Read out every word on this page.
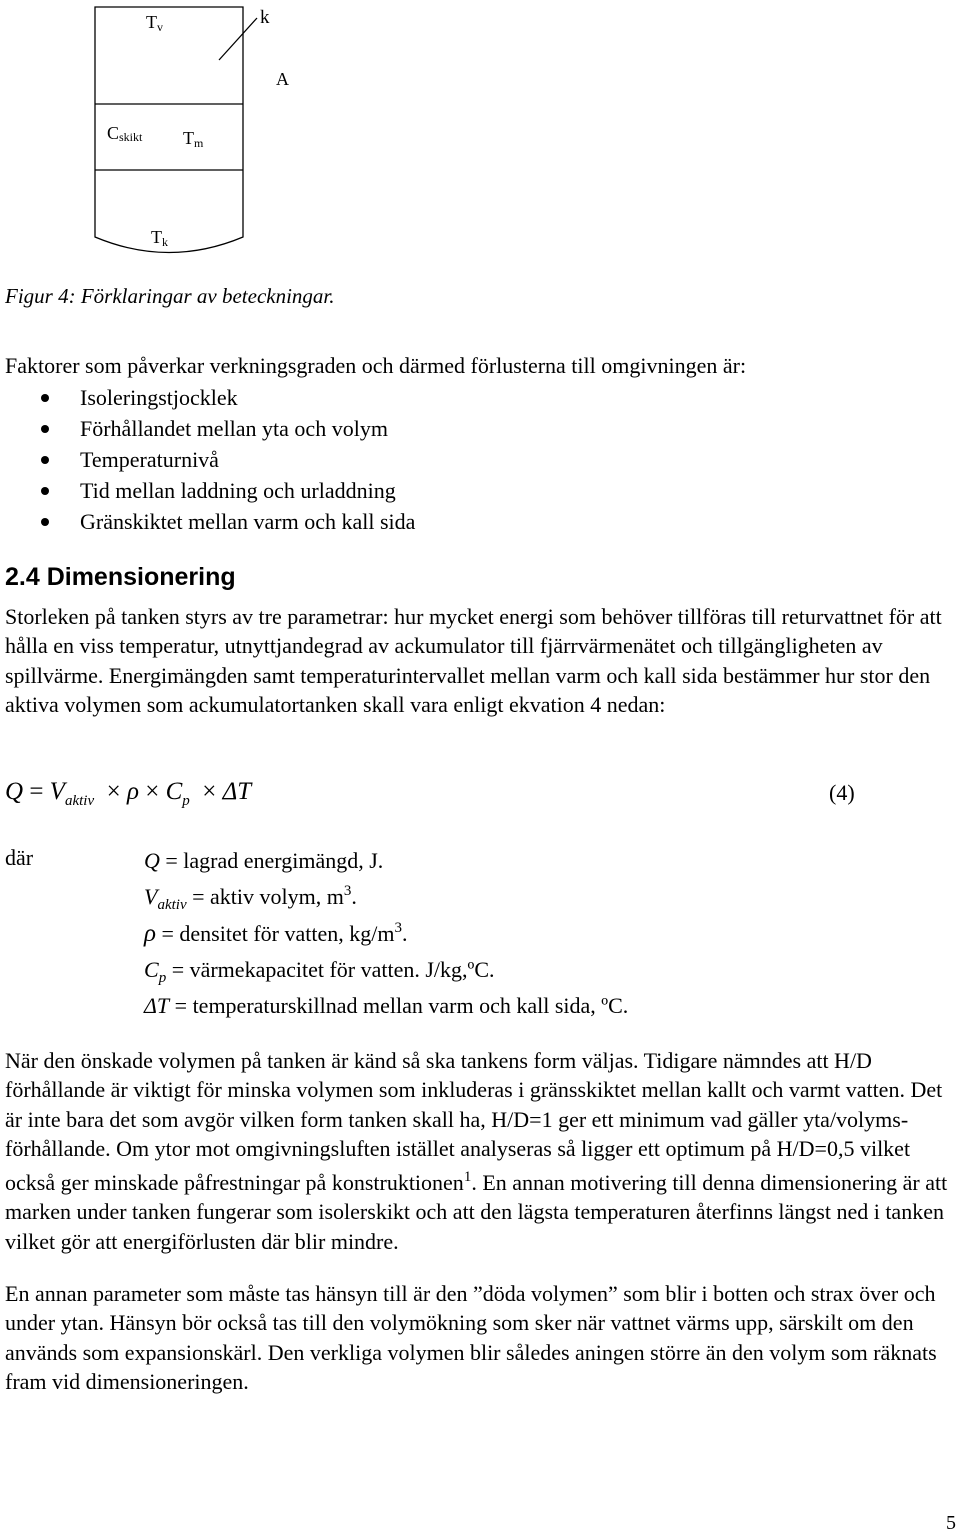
Tv	k
A
Cskikt Tm
Tk
Figur 4: Förklaringar av beteckningar.
Faktorer som påverkar verkningsgraden och därmed förlusterna till omgivningen är:
Isoleringstjocklek
Förhållandet mellan yta och volym
Temperaturnivå
Tid mellan laddning och urladdning
Gränskiktet mellan varm och kall sida
2.4 Dimensionering
Storleken på tanken styrs av tre parametrar: hur mycket energi som behöver tillföras till returvattnet för att hålla en viss temperatur, utnyttjandegrad av ackumulator till fjärrvärmenätet och tillgängligheten av spillvärme. Energimängden samt temperaturintervallet mellan varm och kall sida bestämmer hur stor den aktiva volymen som ackumulatortanken skall vara enligt ekvation 4 nedan:
$Q = V_{aktiv} \times \rho \times C_p \times \Delta T$	(4)
där	Q = lagrad energimängd, J.
$V_{aktiv}$ = aktiv volym, $m^3$.
ρ = densitet för vatten, $kg/m^3$.
$C_p$ = värmekapacitet för vatten. J/kg,ºC.
ΔT = temperaturskillnad mellan varm och kall sida, ºC.
När den önskade volymen på tanken är känd så ska tankens form väljas. Tidigare nämndes att H/D förhållande är viktigt för minska volymen som inkluderas i gränsskiktet mellan kallt och varmt vatten. Det är inte bara det som avgör vilken form tanken skall ha, H/D=1 ger ett minimum vad gäller yta/volyms-förhållande. Om ytor mot omgivningsluften istället analyseras så ligger ett optimum på H/D=0,5 vilket också ger minskade påfrestningar på konstruktionen$^1$. En annan motivering till denna dimensionering är att marken under tanken fungerar som isolerskikt och att den lägsta temperaturen återfinns längst ned i tanken vilket gör att energiförlusten där blir mindre.
En annan parameter som måste tas hänsyn till är den ”döda volymen” som blir i botten och strax över och under ytan. Hänsyn bör också tas till den volymökning som sker när vattnet värms upp, särskilt om den används som expansionskärl. Den verkliga volymen blir således aningen större än den volym som räknats fram vid dimensioneringen.
5
